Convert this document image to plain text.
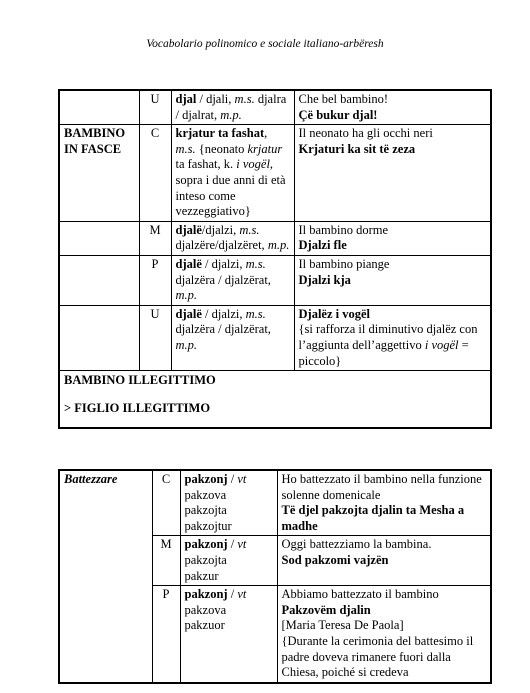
Vocabolario polinomico e sociale italiano-arbëresh
	U	djal / djali, m.s. djalra / djalrat, m.p.	Che bel bambino!
Çë bukur djal!
BAMBINO IN FASCE	C	krjatur ta fashat, m.s. {neonato krjatur ta fashat, k. i vogël, sopra i due anni di età inteso come vezzeggiativo}	Il neonato ha gli occhi neri
Krjaturi ka sit të zeza
	M	djalë/djalzi, m.s. djalzëre/djalzëret, m.p.	Il bambino dorme
Djalzi fle
	P	djalë / djalzi, m.s. djalzëra / djalzërat, m.p.	Il bambino piange
Djalzi kja
	U	djalë / djalzi, m.s. djalzëra / djalzërat, m.p.	Djalëz i vogël
{si rafforza il diminutivo djalëz con l’aggiunta dell’aggettivo i vogël = piccolo}
BAMBINO ILLEGITTIMO
> FIGLIO ILLEGITTIMO			
Battezzare	C	pakzonj / vt
pakzova
pakzojta
pakzojtur	Ho battezzato il bambino nella funzione solenne domenicale
Të djel pakzojta djalin ta Mesha a madhe
	M	pakzonj / vt
pakzojta
pakzur	Oggi battezziamo la bambina.
Sod pakzomi vajzën
	P	pakzonj / vt
pakzova
pakzuor	Abbiamo battezzato il bambino
Pakzovëm djalin
[Maria Teresa De Paola]
{Durante la cerimonia del battesimo il padre doveva rimanere fuori dalla Chiesa, poiché si credeva
